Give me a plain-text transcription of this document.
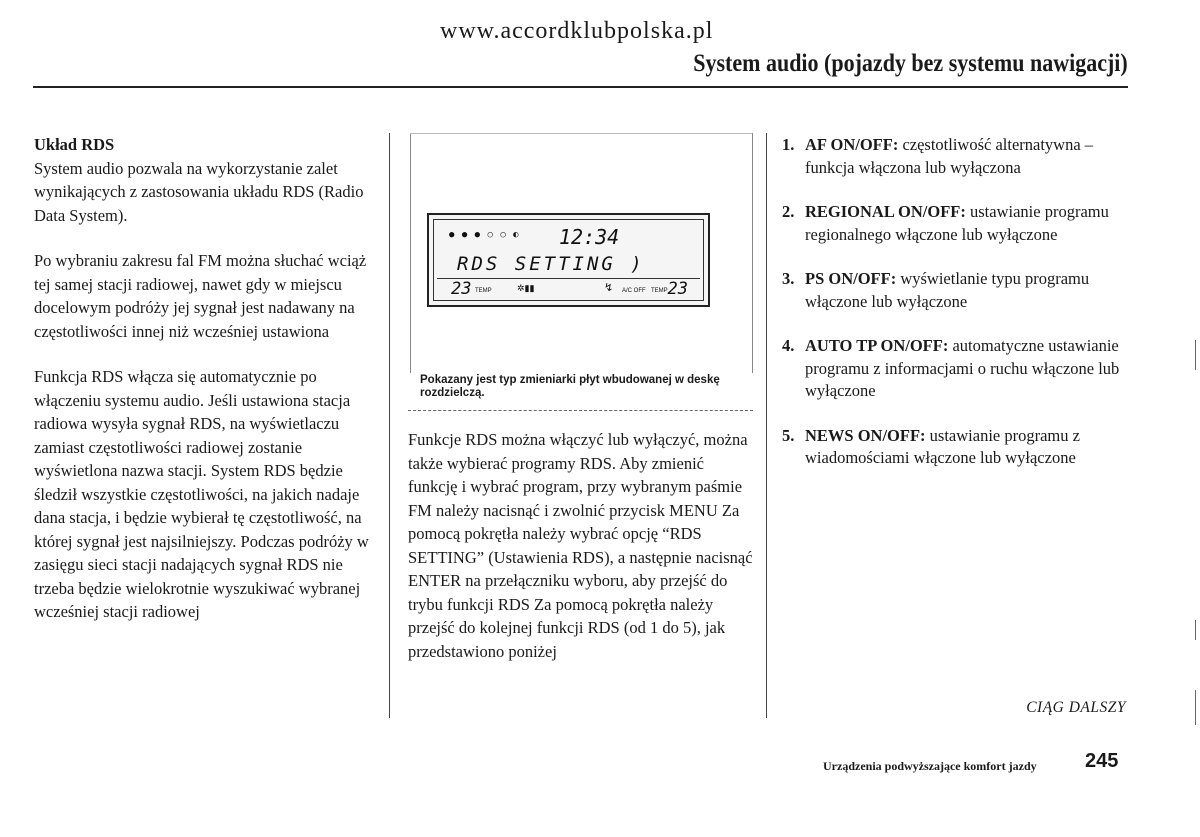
www.accordklubpolska.pl
System audio (pojazdy bez systemu nawigacji)
Układ RDS

System audio pozwala na wykorzystanie zalet wynikających z zastosowania układu RDS (Radio Data System).

Po wybraniu zakresu fal FM można słuchać wciąż tej samej stacji radiowej, nawet gdy w miejscu docelowym podróży jej sygnał jest nadawany na częstotliwości innej niż wcześniej ustawiona

Funkcja RDS włącza się automatycznie po włączeniu systemu audio. Jeśli ustawiona stacja radiowa wysyła sygnał RDS, na wyświetlaczu zamiast częstotliwości radiowej zostanie wyświetlona nazwa stacji. System RDS będzie śledził wszystkie częstotliwości, na jakich nadaje dana stacja, i będzie wybierał tę częstotliwość, na której sygnał jest najsilniejszy. Podczas podróży w zasięgu sieci stacji nadających sygnał RDS nie trzeba będzie wielokrotnie wyszukiwać wybranej wcześniej stacji radiowej

● ● ● ○ ○ ◐ 12:34
RDS SETTING )
23 TEMP	✲▮▮	↯ A/C OFF TEMP 23
Pokazany jest typ zmieniarki płyt wbudowanej w deskę rozdzielczą.

Funkcje RDS można włączyć lub wyłączyć, można także wybierać programy RDS. Aby zmienić funkcję i wybrać program, przy wybranym paśmie FM należy nacisnąć i zwolnić przycisk MENU Za pomocą pokrętła należy wybrać opcję “RDS SETTING” (Ustawienia RDS), a następnie nacisnąć ENTER na przełączniku wyboru, aby przejść do trybu funkcji RDS Za pomocą pokrętła należy przejść do kolejnej funkcji RDS (od 1 do 5), jak przedstawiono poniżej

1. AF ON/OFF: częstotliwość alternatywna – funkcja włączona lub wyłączona
2. REGIONAL ON/OFF: ustawianie programu regionalnego włączone lub wyłączone
3. PS ON/OFF: wyświetlanie typu programu włączone lub wyłączone
4. AUTO TP ON/OFF: automatyczne ustawianie programu z informacjami o ruchu włączone lub wyłączone
5. NEWS ON/OFF: ustawianie programu z wiadomościami włączone lub wyłączone
CIĄG DALSZY
Urządzenia podwyższające komfort jazdy 245
